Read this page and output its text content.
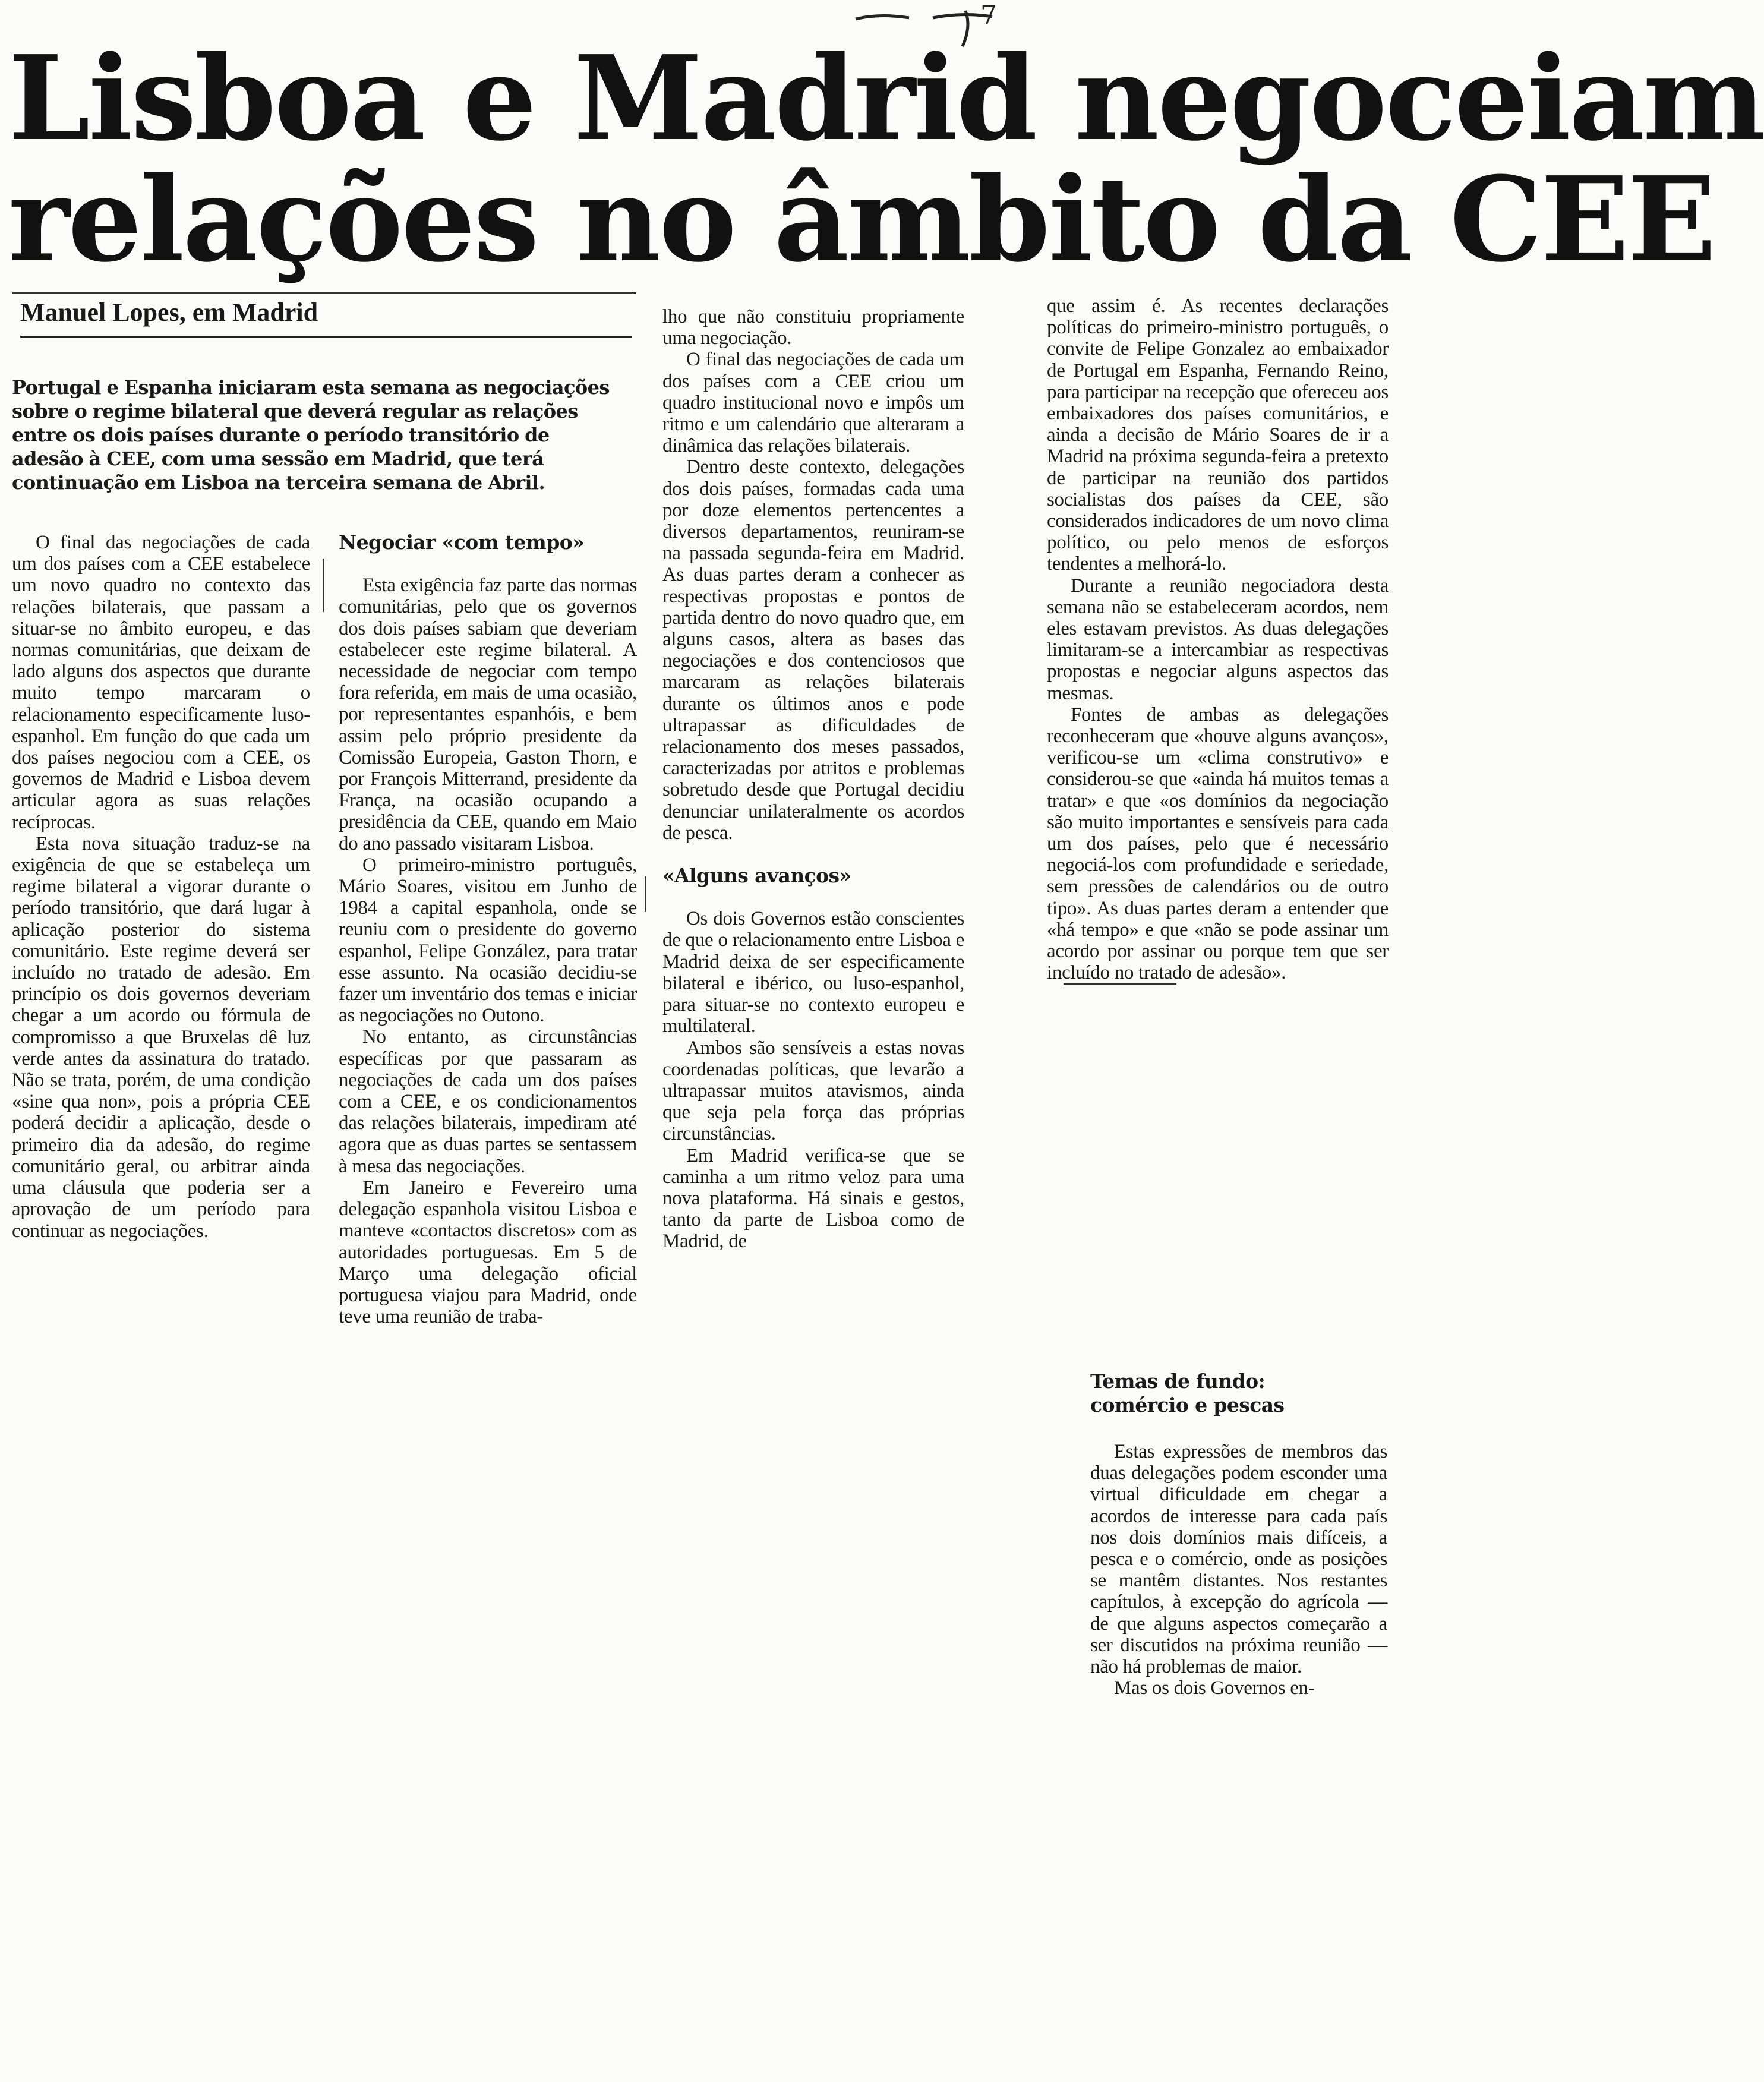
7
Lisboa e Madrid negoceiam
relações no âmbito da CEE
Manuel Lopes, em Madrid

Portugal e Espanha iniciaram esta semana as negociações sobre o regime bilateral que deverá regular as relações entre os dois países durante o período transitório de adesão à CEE, com uma sessão em Madrid, que terá continuação em Lisboa na terceira semana de Abril.

O final das negociações de cada um dos países com a CEE estabelece um novo quadro no contexto das relações bilaterais, que passam a situar-se no âmbito europeu, e das normas comunitárias, que deixam de lado alguns dos aspectos que durante muito tempo marcaram o relacionamento especificamente luso-espanhol. Em função do que cada um dos países negociou com a CEE, os governos de Madrid e Lisboa devem articular agora as suas relações recíprocas.

Esta nova situação traduz-se na exigência de que se estabeleça um regime bilateral a vigorar durante o período transitório, que dará lugar à aplicação posterior do sistema comunitário. Este regime deverá ser incluído no tratado de adesão. Em princípio os dois governos deveriam chegar a um acordo ou fórmula de compromisso a que Bruxelas dê luz verde antes da assinatura do tratado. Não se trata, porém, de uma condição «sine qua non», pois a própria CEE poderá decidir a aplicação, desde o primeiro dia da adesão, do regime comunitário geral, ou arbitrar ainda uma cláusula que poderia ser a aprovação de um período para continuar as negociações.

Negociar «com tempo»

Esta exigência faz parte das normas comunitárias, pelo que os governos dos dois países sabiam que deveriam estabelecer este regime bilateral. A necessidade de negociar com tempo fora referida, em mais de uma ocasião, por representantes espanhóis, e bem assim pelo próprio presidente da Comissão Europeia, Gaston Thorn, e por François Mitterrand, presidente da França, na ocasião ocupando a presidência da CEE, quando em Maio do ano passado visitaram Lisboa.

O primeiro-ministro português, Mário Soares, visitou em Junho de 1984 a capital espanhola, onde se reuniu com o presidente do governo espanhol, Felipe González, para tratar esse assunto. Na ocasião decidiu-se fazer um inventário dos temas e iniciar as negociações no Outono.

No entanto, as circunstâncias específicas por que passaram as negociações de cada um dos países com a CEE, e os condicionamentos das relações bilaterais, impediram até agora que as duas partes se sentassem à mesa das negociações.

Em Janeiro e Fevereiro uma delegação espanhola visitou Lisboa e manteve «contactos discretos» com as autoridades portuguesas. Em 5 de Março uma delegação oficial portuguesa viajou para Madrid, onde teve uma reunião de traba-

lho que não constituiu propriamente uma negociação.

O final das negociações de cada um dos países com a CEE criou um quadro institucional novo e impôs um ritmo e um calendário que alteraram a dinâmica das relações bilaterais.

Dentro deste contexto, delegações dos dois países, formadas cada uma por doze elementos pertencentes a diversos departamentos, reuniram-se na passada segunda-feira em Madrid. As duas partes deram a conhecer as respectivas propostas e pontos de partida dentro do novo quadro que, em alguns casos, altera as bases das negociações e dos contenciosos que marcaram as relações bilaterais durante os últimos anos e pode ultrapassar as dificuldades de relacionamento dos meses passados, caracterizadas por atritos e problemas sobretudo desde que Portugal decidiu denunciar unilateralmente os acordos de pesca.

«Alguns avanços»

Os dois Governos estão conscientes de que o relacionamento entre Lisboa e Madrid deixa de ser especificamente bilateral e ibérico, ou luso-espanhol, para situar-se no contexto europeu e multilateral.

Ambos são sensíveis a estas novas coordenadas políticas, que levarão a ultrapassar muitos atavismos, ainda que seja pela força das próprias circunstâncias.

Em Madrid verifica-se que se caminha a um ritmo veloz para uma nova plataforma. Há sinais e gestos, tanto da parte de Lisboa como de Madrid, de

que assim é. As recentes declarações políticas do primeiro-ministro português, o convite de Felipe Gonzalez ao embaixador de Portugal em Espanha, Fernando Reino, para participar na recepção que ofereceu aos embaixadores dos países comunitários, e ainda a decisão de Mário Soares de ir a Madrid na próxima segunda-feira a pretexto de participar na reunião dos partidos socialistas dos países da CEE, são considerados indicadores de um novo clima político, ou pelo menos de esforços tendentes a melhorá-lo.

Durante a reunião negociadora desta semana não se estabeleceram acordos, nem eles estavam previstos. As duas delegações limitaram-se a intercambiar as respectivas propostas e negociar alguns aspectos das mesmas.

Fontes de ambas as delegações reconheceram que «houve alguns avanços», verificou-se um «clima construtivo» e considerou-se que «ainda há muitos temas a tratar» e que «os domínios da negociação são muito importantes e sensíveis para cada um dos países, pelo que é necessário negociá-los com profundidade e seriedade, sem pressões de calendários ou de outro tipo». As duas partes deram a entender que «há tempo» e que «não se pode assinar um acordo por assinar ou porque tem que ser incluído no tratado de adesão».

Temas de fundo:
comércio e pescas

Estas expressões de membros das duas delegações podem esconder uma virtual dificuldade em chegar a acordos de interesse para cada país nos dois domínios mais difíceis, a pesca e o comércio, onde as posições se mantêm distantes. Nos restantes capítulos, à excepção do agrícola — de que alguns aspectos começarão a ser discutidos na próxima reunião — não há problemas de maior.

Mas os dois Governos en-
